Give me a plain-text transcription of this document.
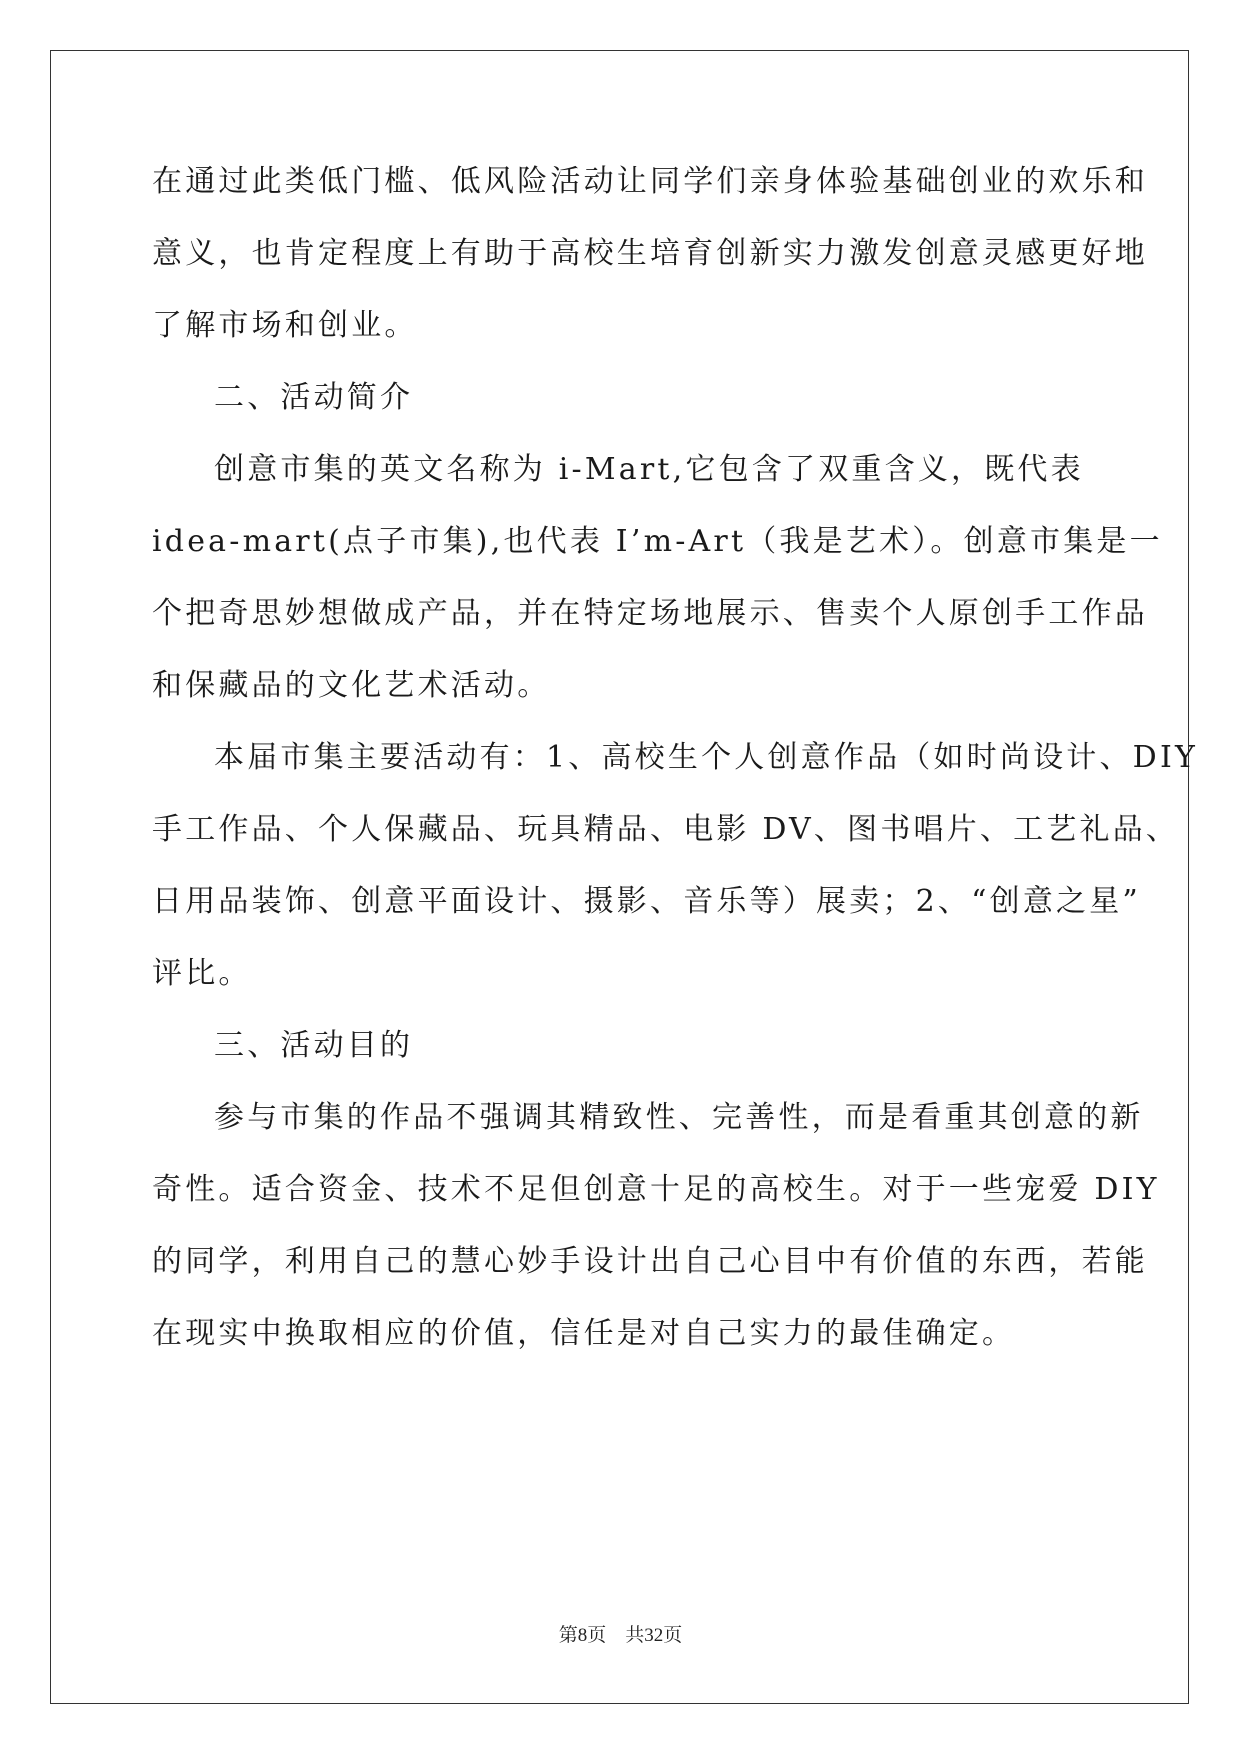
在通过此类低门槛、低风险活动让同学们亲身体验基础创业的欢乐和
意义，也肯定程度上有助于高校生培育创新实力激发创意灵感更好地
了解市场和创业。
二、活动简介
创意市集的英文名称为 i-Mart,它包含了双重含义，既代表
idea-mart(点子市集),也代表 I’m-Art（我是艺术）。创意市集是一
个把奇思妙想做成产品，并在特定场地展示、售卖个人原创手工作品
和保藏品的文化艺术活动。
本届市集主要活动有：1、高校生个人创意作品（如时尚设计、DIY
手工作品、个人保藏品、玩具精品、电影 DV、图书唱片、工艺礼品、
日用品装饰、创意平面设计、摄影、音乐等）展卖；2、“创意之星”
评比。
三、活动目的
参与市集的作品不强调其精致性、完善性，而是看重其创意的新
奇性。适合资金、技术不足但创意十足的高校生。对于一些宠爱 DIY
的同学，利用自己的慧心妙手设计出自己心目中有价值的东西，若能
在现实中换取相应的价值，信任是对自己实力的最佳确定。
第8页 共32页
